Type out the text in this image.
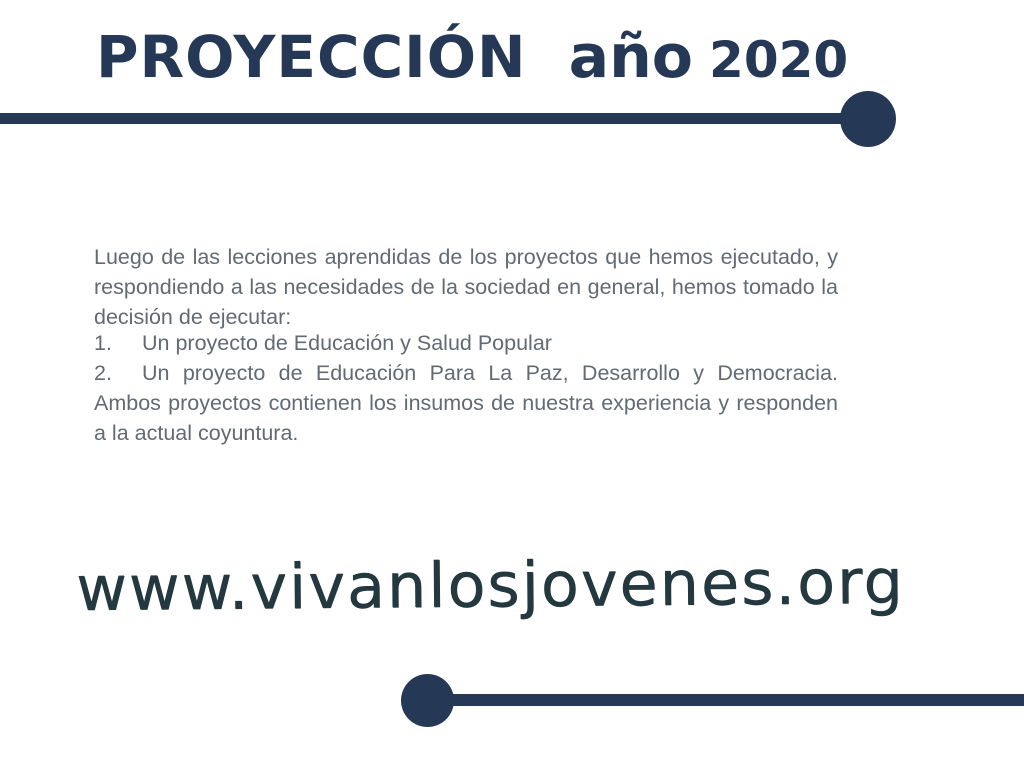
PROYECCIÓN año 2020

Luego de las lecciones aprendidas de los proyectos que hemos ejecutado, y respondiendo a las necesidades de la sociedad en general, hemos tomado la decisión de ejecutar:

1. Un proyecto de Educación y Salud Popular
2. Un proyecto de Educación Para La Paz, Desarrollo y Democracia. Ambos proyectos contienen los insumos de nuestra experiencia y responden a la actual coyuntura.
www.vivanlosjovenes.org
